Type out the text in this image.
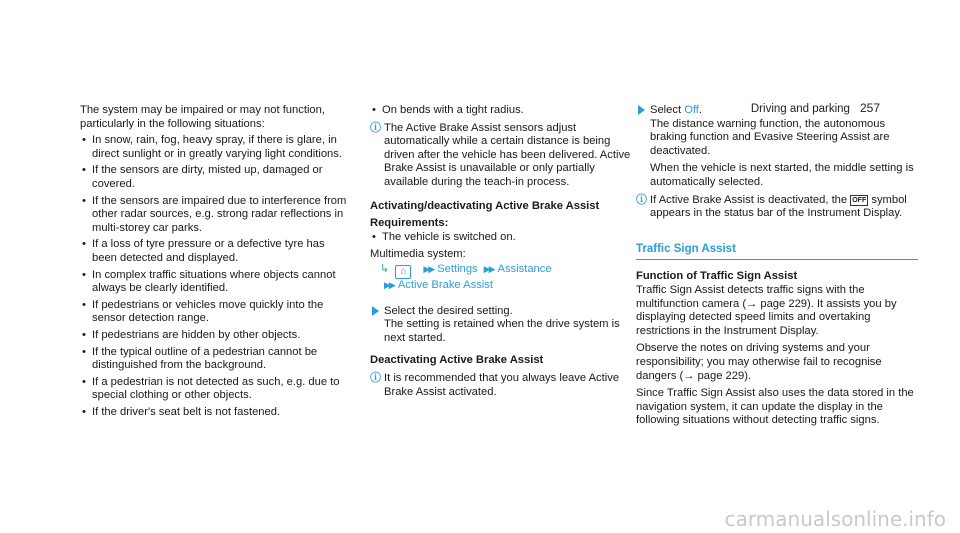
Driving and parking 257

The system may be impaired or may not function, particularly in the following situations:

• In snow, rain, fog, heavy spray, if there is glare, in direct sunlight or in greatly varying light conditions.
• If the sensors are dirty, misted up, damaged or covered.
• If the sensors are impaired due to interference from other radar sources, e.g. strong radar reflections in multi-storey car parks.
• If a loss of tyre pressure or a defective tyre has been detected and displayed.
• In complex traffic situations where objects cannot always be clearly identified.
• If pedestrians or vehicles move quickly into the sensor detection range.
• If pedestrians are hidden by other objects.
• If the typical outline of a pedestrian cannot be distinguished from the background.
• If a pedestrian is not detected as such, e.g. due to special clothing or other objects.
• If the driver's seat belt is not fastened.
• On bends with a tight radius.
ⓘ The Active Brake Assist sensors adjust automatically while a certain distance is being driven after the vehicle has been delivered. Active Brake Assist is unavailable or only partially available during the teach-in process.

Activating/deactivating Active Brake Assist

Requirements:

• The vehicle is switched on.

Multimedia system:

↳ ⌂ ▶▶ Settings ▶▶ Assistance
▶▶ Active Brake Assist

Select the desired setting.

The setting is retained when the drive system is next started.

Deactivating Active Brake Assist

ⓘ It is recommended that you always leave Active Brake Assist activated.

Select Off.

The distance warning function, the autonomous braking function and Evasive Steering Assist are deactivated.

When the vehicle is next started, the middle setting is automatically selected.

ⓘ If Active Brake Assist is deactivated, the OFF symbol appears in the status bar of the Instrument Display.
Traffic Sign Assist

Function of Traffic Sign Assist

Traffic Sign Assist detects traffic signs with the multifunction camera (→ page 229). It assists you by displaying detected speed limits and overtaking restrictions in the Instrument Display.

Observe the notes on driving systems and your responsibility; you may otherwise fail to recognise dangers (→ page 229).

Since Traffic Sign Assist also uses the data stored in the navigation system, it can update the display in the following situations without detecting traffic signs.

carmanualsonline.info
